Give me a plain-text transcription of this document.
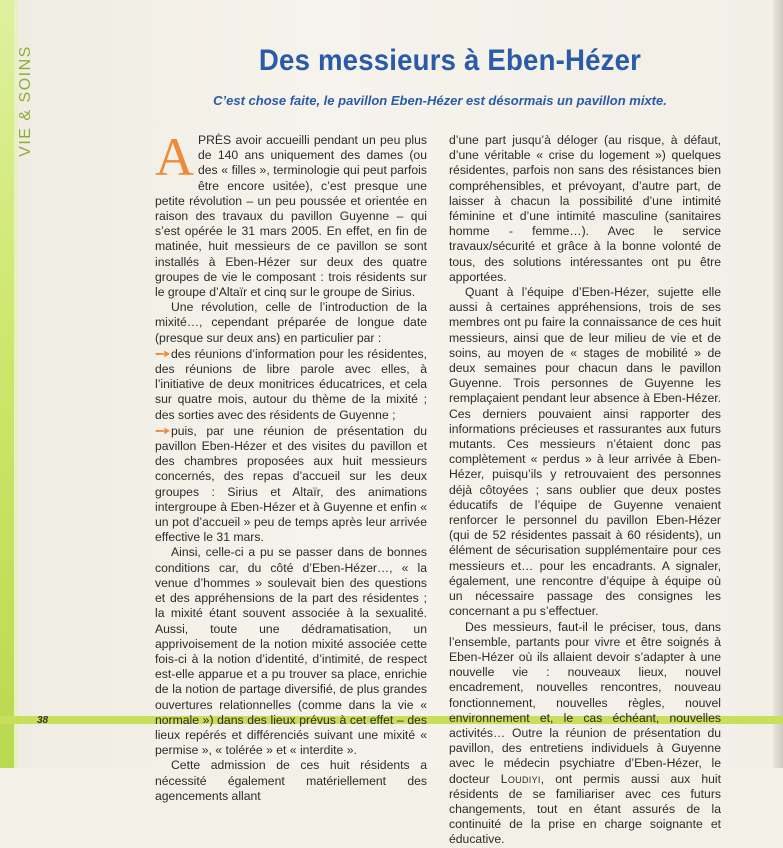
VIE & SOINS
38
Des messieurs à Eben-Hézer
C’est chose faite, le pavillon Eben-Hézer est désormais un pavillon mixte.

APRÈS avoir accueilli pendant un peu plus de 140 ans uniquement des dames (ou des « filles », terminologie qui peut parfois être encore usitée), c’est presque une petite révolution – un peu poussée et orientée en raison des travaux du pavillon Guyenne – qui s’est opérée le 31 mars 2005. En effet, en fin de matinée, huit messieurs de ce pavillon se sont installés à Eben-Hézer sur deux des quatre groupes de vie le composant : trois résidents sur le groupe d’Altaïr et cinq sur le groupe de Sirius.

Une révolution, celle de l’introduction de la mixité…, cependant préparée de longue date (presque sur deux ans) en particulier par :

➙des réunions d’information pour les résidentes, des réunions de libre parole avec elles, à l’initiative de deux monitrices éducatrices, et cela sur quatre mois, autour du thème de la mixité ; des sorties avec des résidents de Guyenne ;

➙puis, par une réunion de présentation du pavillon Eben-Hézer et des visites du pavillon et des chambres proposées aux huit messieurs concernés, des repas d’accueil sur les deux groupes : Sirius et Altaïr, des animations intergroupe à Eben-Hézer et à Guyenne et enfin « un pot d’accueil » peu de temps après leur arrivée effective le 31 mars.

Ainsi, celle-ci a pu se passer dans de bonnes conditions car, du côté d’Eben-Hézer…, « la venue d’hommes » soulevait bien des questions et des appréhensions de la part des résidentes ; la mixité étant souvent associée à la sexualité. Aussi, toute une dédramatisation, un apprivoisement de la notion mixité associée cette fois-ci à la notion d’identité, d’intimité, de respect est-elle apparue et a pu trouver sa place, enrichie de la notion de partage diversifié, de plus grandes ouvertures relationnelles (comme dans la vie « normale ») dans des lieux prévus à cet effet – des lieux repérés et différenciés suivant une mixité « permise », « tolérée » et « interdite ».

Cette admission de ces huit résidents a nécessité également matériellement des agencements allant

d’une part jusqu’à déloger (au risque, à défaut, d’une véritable « crise du logement ») quelques résidentes, parfois non sans des résistances bien compréhensibles, et prévoyant, d’autre part, de laisser à chacun la possibilité d’une intimité féminine et d’une intimité masculine (sanitaires homme - femme…). Avec le service travaux/sécurité et grâce à la bonne volonté de tous, des solutions intéressantes ont pu être apportées.

Quant à l’équipe d’Eben-Hézer, sujette elle aussi à certaines appréhensions, trois de ses membres ont pu faire la connaissance de ces huit messieurs, ainsi que de leur milieu de vie et de soins, au moyen de « stages de mobilité » de deux semaines pour chacun dans le pavillon Guyenne. Trois personnes de Guyenne les remplaçaient pendant leur absence à Eben-Hézer. Ces derniers pouvaient ainsi rapporter des informations précieuses et rassurantes aux futurs mutants. Ces messieurs n’étaient donc pas complètement « perdus » à leur arrivée à Eben-Hézer, puisqu’ils y retrouvaient des personnes déjà côtoyées ; sans oublier que deux postes éducatifs de l’équipe de Guyenne venaient renforcer le personnel du pavillon Eben-Hézer (qui de 52 résidentes passait à 60 résidents), un élément de sécurisation supplémentaire pour ces messieurs et… pour les encadrants. A signaler, également, une rencontre d’équipe à équipe où un nécessaire passage des consignes les concernant a pu s’effectuer.

Des messieurs, faut-il le préciser, tous, dans l’ensemble, partants pour vivre et être soignés à Eben-Hézer où ils allaient devoir s’adapter à une nouvelle vie : nouveaux lieux, nouvel encadrement, nouvelles rencontres, nouveau fonctionnement, nouvelles règles, nouvel environnement et, le cas échéant, nouvelles activités… Outre la réunion de présentation du pavillon, des entretiens individuels à Guyenne avec le médecin psychiatre d’Eben-Hézer, le docteur Loudiyi, ont permis aussi aux huit résidents de se familiariser avec ces futurs changements, tout en étant assurés de la continuité de la prise en charge soignante et éducative.
